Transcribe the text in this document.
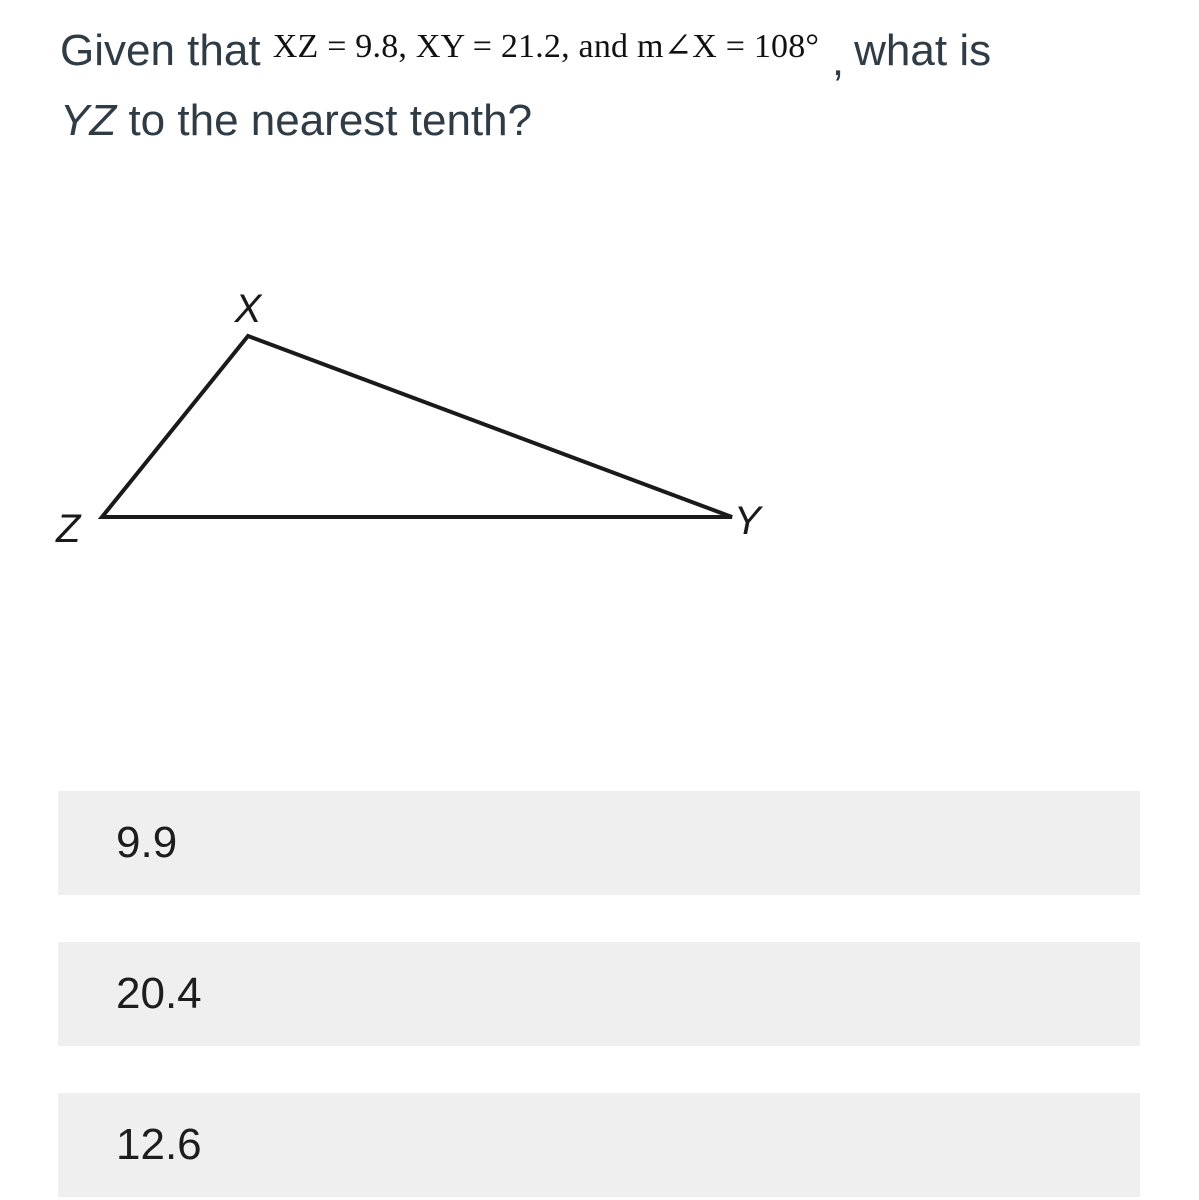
Given that XZ = 9.8, XY = 21.2, and m∠X = 108° , what is
YZ to the nearest tenth?
X
Y
Z
9.9
20.4
12.6
